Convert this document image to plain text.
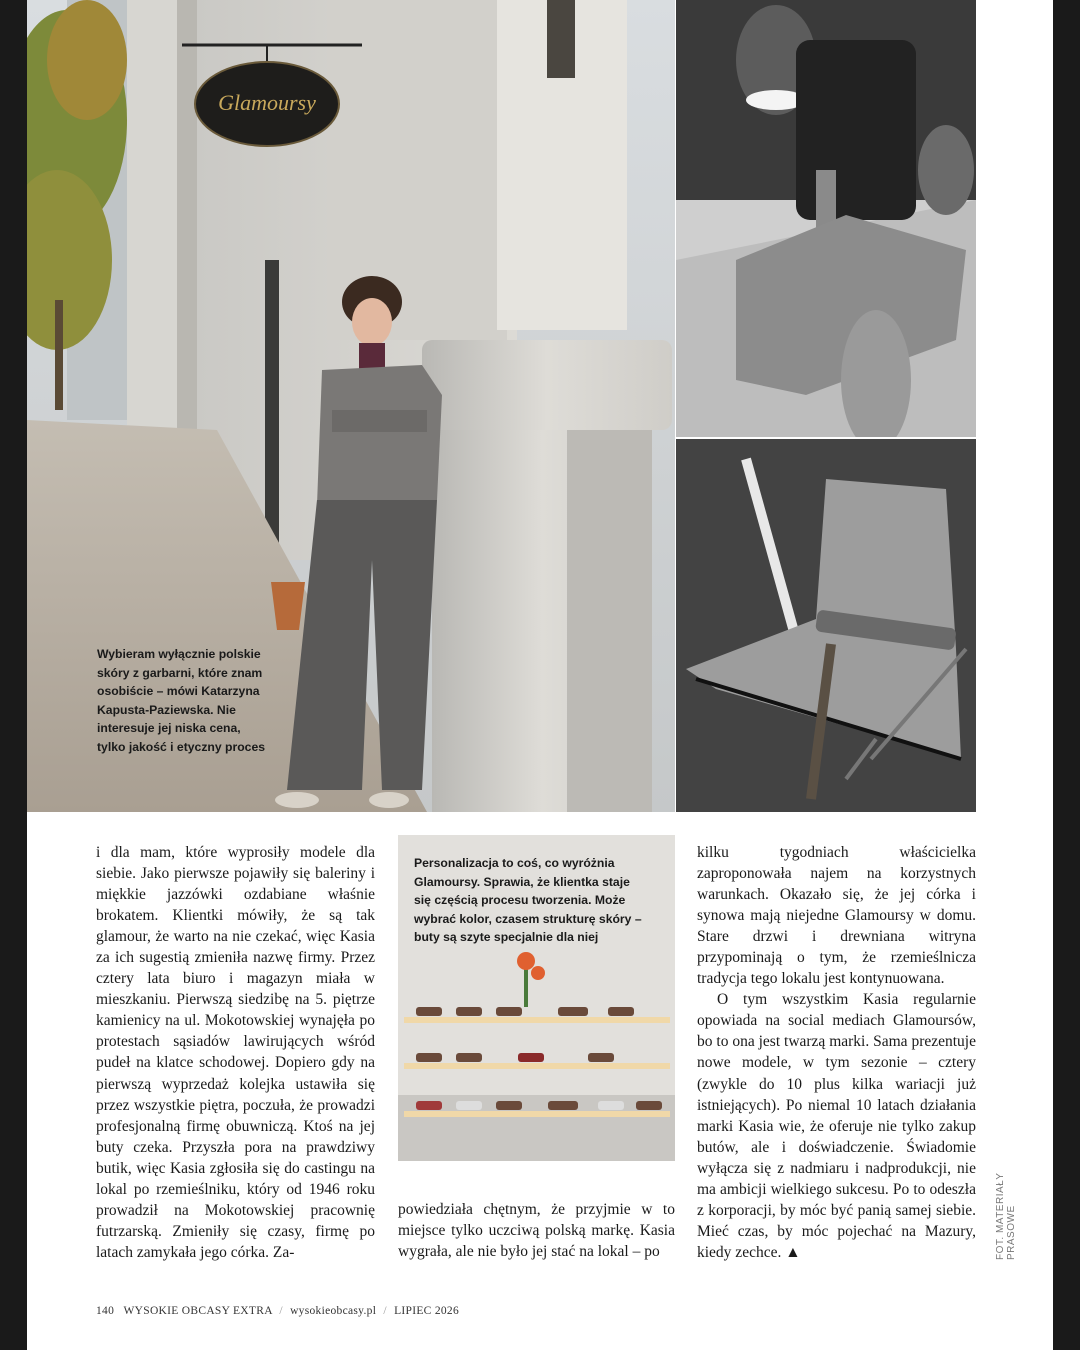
Glamoursy
Wybieram wyłącznie polskie skóry z garbarni, które znam osobiście – mówi Katarzyna Kapusta-Paziewska. Nie interesuje jej niska cena, tylko jakość i etyczny proces
Personalizacja to coś, co wyróżnia Glamoursy. Sprawia, że klientka staje się częścią procesu tworzenia. Może wybrać kolor, czasem strukturę skóry – buty są szyte specjalnie dla niej

i dla mam, które wyprosiły modele dla siebie. Jako pierwsze pojawiły się baleriny i miękkie jazzówki ozdabiane właśnie brokatem. Klientki mówiły, że są tak glamour, że warto na nie czekać, więc Kasia za ich sugestią zmieniła nazwę firmy. Przez cztery lata biuro i magazyn miała w mieszkaniu. Pierwszą siedzibę na 5. piętrze kamienicy na ul. Mokotowskiej wynajęła po protestach sąsiadów lawirujących wśród pudeł na klatce schodowej. Dopiero gdy na pierwszą wyprzedaż kolejka ustawiła się przez wszystkie piętra, poczuła, że prowadzi profesjonalną firmę obuwniczą. Ktoś na jej buty czeka. Przyszła pora na prawdziwy butik, więc Kasia zgłosiła się do castingu na lokal po rzemieślniku, który od 1946 roku prowadził na Mokotowskiej pracownię futrzarską. Zmieniły się czasy, firmę po latach zamykała jego córka. Za-

powiedziała chętnym, że przyjmie w to miejsce tylko uczciwą polską markę. Kasia wygrała, ale nie było jej stać na lokal – po

kilku tygodniach właścicielka zaproponowała najem na korzystnych warunkach. Okazało się, że jej córka i synowa mają niejedne Glamoursy w domu. Stare drzwi i drewniana witryna przypominają o tym, że rzemieślnicza tradycja tego lokalu jest kontynuowana.

O tym wszystkim Kasia regularnie opowiada na social mediach Glamoursów, bo to ona jest twarzą marki. Sama prezentuje nowe modele, w tym sezonie – cztery (zwykle do 10 plus kilka wariacji już istniejących). Po niemal 10 latach działania marki Kasia wie, że oferuje nie tylko zakup butów, ale i doświadczenie. Świadomie wyłącza się z nadmiaru i nadprodukcji, nie ma ambicji wielkiego sukcesu. Po to odeszła z korporacji, by móc być panią samej siebie. Mieć czas, by móc pojechać na Mazury, kiedy zechce. ▲	FOT. MATERIAŁY PRASOWE
140 WYSOKIE OBCASY EXTRA / wysokieobcasy.pl / LIPIEC 2026
